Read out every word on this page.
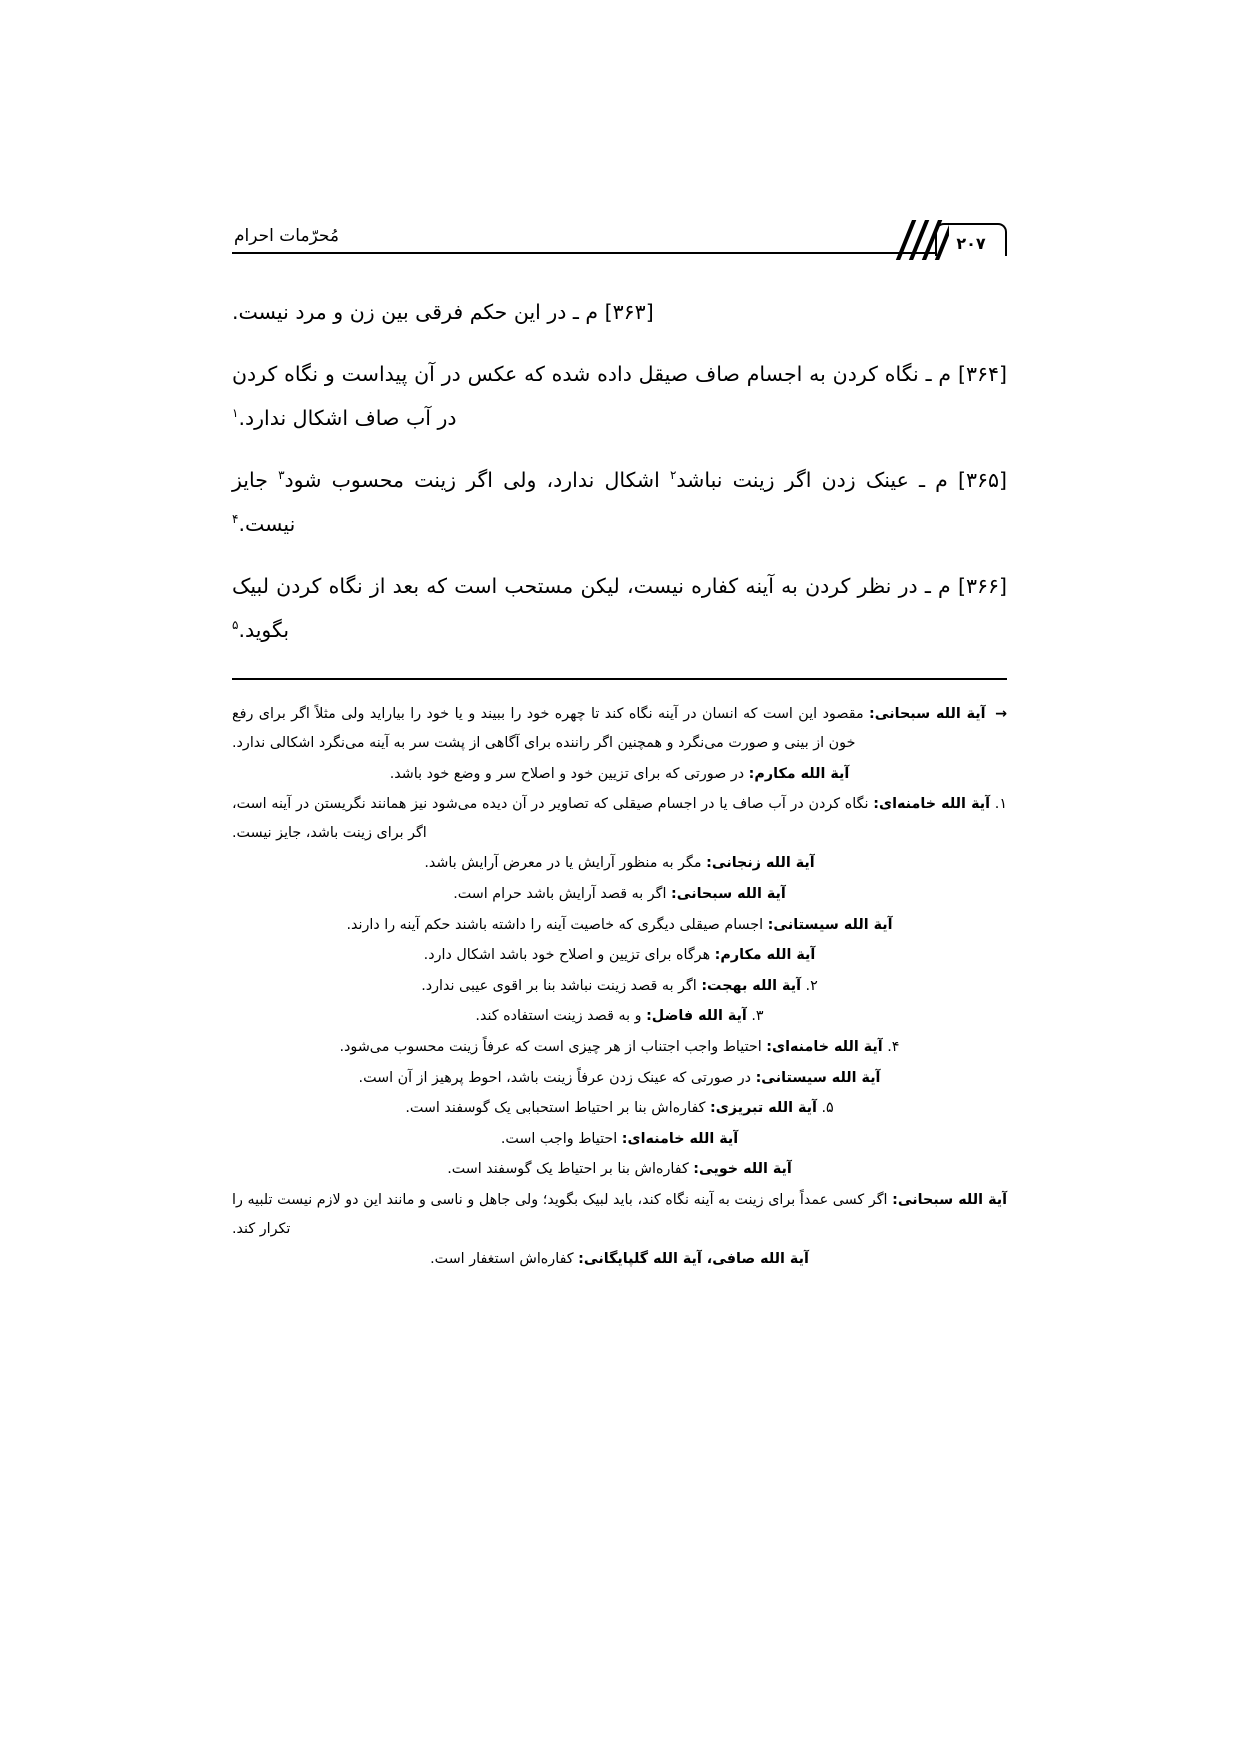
مُحرّمات احرام	۲۰۷

[۳۶۳] م ـ در این حکم فرقی بین زن و مرد نیست.

[۳۶۴] م ـ نگاه کردن به اجسام صاف صیقل داده شده که عکس در آن پیداست و نگاه کردن در آب صاف اشکال ندارد.$^۱$

[۳۶۵] م ـ عینک زدن اگر زینت نباشد$^۲$ اشکال ندارد، ولی اگر زینت محسوب شود$^۳$ جایز نیست.$^۴$

[۳۶۶] م ـ در نظر کردن به آینه کفاره نیست، لیکن مستحب است که بعد از نگاه کردن لبیک بگوید.$^۵$

→ آیة الله سبحانی: مقصود این است که انسان در آینه نگاه کند تا چهره خود را ببیند و یا خود را بیاراید ولی مثلاً اگر برای رفع خون از بینی و صورت می‌نگرد و همچنین اگر راننده برای آگاهی از پشت سر به آینه می‌نگرد اشکالی ندارد.
آیة الله مکارم: در صورتی که برای تزیین خود و اصلاح سر و وضع خود باشد.
۱. آیة الله خامنه‌ای: نگاه کردن در آب صاف یا در اجسام صیقلی که تصاویر در آن دیده می‌شود نیز همانند نگریستن در آینه است، اگر برای زینت باشد، جایز نیست.
آیة الله زنجانی: مگر به منظور آرایش یا در معرض آرایش باشد.
آیة الله سبحانی: اگر به قصد آرایش باشد حرام است.
آیة الله سیستانی: اجسام صیقلی دیگری که خاصیت آینه را داشته باشند حکم آینه را دارند.
آیة الله مکارم: هرگاه برای تزیین و اصلاح خود باشد اشکال دارد.
۲. آیة الله بهجت: اگر به قصد زینت نباشد بنا بر اقوی عیبی ندارد.
۳. آیة الله فاضل: و به قصد زینت استفاده کند.
۴. آیة الله خامنه‌ای: احتیاط واجب اجتناب از هر چیزی است که عرفاً زینت محسوب می‌شود.
آیة الله سیستانی: در صورتی که عینک زدن عرفاً زینت باشد، احوط پرهیز از آن است.
۵. آیة الله تبریزی: کفاره‌اش بنا بر احتیاط استحبابی یک گوسفند است.
آیة الله خامنه‌ای: احتیاط واجب است.
آیة الله خویی: کفاره‌اش بنا بر احتیاط یک گوسفند است.
آیة الله سبحانی: اگر کسی عمداً برای زینت به آینه نگاه کند، باید لبیک بگوید؛ ولی جاهل و ناسی و مانند این دو لازم نیست تلبیه را تکرار کند.
آیة الله صافی، آیة الله گلپایگانی: کفاره‌اش استغفار است.
